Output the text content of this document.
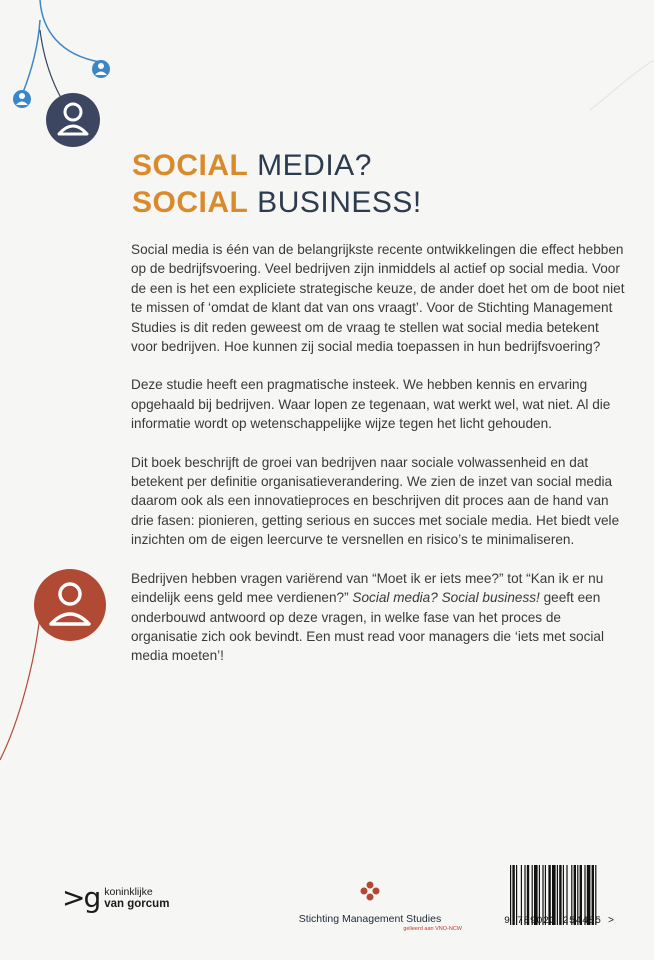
SOCIAL MEDIA?
SOCIAL BUSINESS!

Social media is één van de belangrijkste recente ontwikkelingen die effect hebben op de bedrijfsvoering. Veel bedrijven zijn inmiddels al actief op social media. Voor de een is het een expliciete strategische keuze, de ander doet het om de boot niet te missen of ‘omdat de klant dat van ons vraagt’. Voor de Stichting Management Studies is dit reden geweest om de vraag te stellen wat social media betekent voor bedrijven. Hoe kunnen zij social media toepassen in hun bedrijfsvoering?

Deze studie heeft een pragmatische insteek. We hebben kennis en ervaring opgehaald bij bedrijven. Waar lopen ze tegenaan, wat werkt wel, wat niet. Al die informatie wordt op wetenschappelijke wijze tegen het licht gehouden.

Dit boek beschrijft de groei van bedrijven naar sociale volwassenheid en dat betekent per definitie organisatieverandering. We zien de inzet van social media daarom ook als een innovatieproces en beschrijven dit proces aan de hand van drie fasen: pionieren, getting serious en succes met sociale media. Het biedt vele inzichten om de eigen leercurve te versnellen en risico’s te minimaliseren.

Bedrijven hebben vragen variërend van “Moet ik er iets mee?” tot “Kan ik er nu eindelijk eens geld mee verdienen?” Social media? Social business! geeft een onderbouwd antwoord op deze vragen, in welke fase van het proces de organisatie zich ook bevindt. Een must read voor managers die ‘iets met social media moeten’!

>g koninklijke
van gorcum
Stichting Management Studies
gelieerd aan VNO-NCW
9 789023 254485 >
